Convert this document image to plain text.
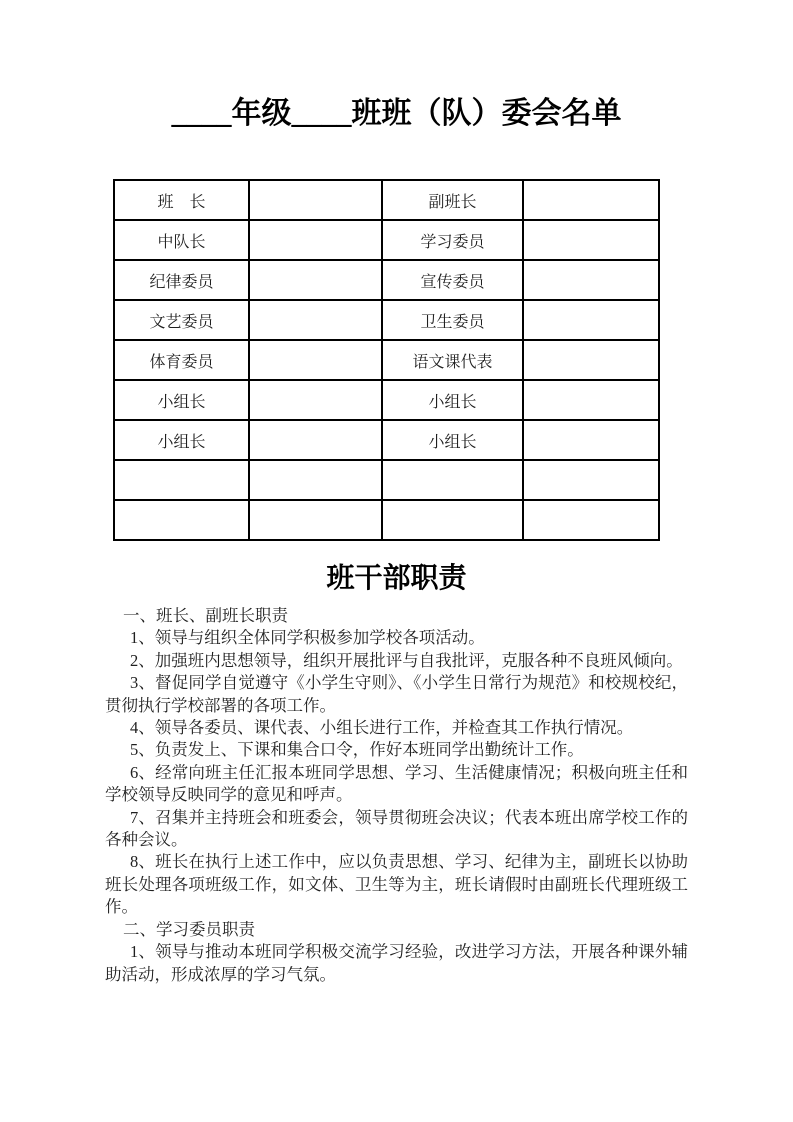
____年级____班班（队）委会名单
班　长		副班长	
中队长		学习委员	
纪律委员		宣传委员	
文艺委员		卫生委员	
体育委员		语文课代表	
小组长		小组长	
小组长		小组长	

班干部职责

一、班长、副班长职责

1、领导与组织全体同学积极参加学校各项活动。

2、加强班内思想领导，组织开展批评与自我批评，克服各种不良班风倾向。

3、督促同学自觉遵守《小学生守则》、《小学生日常行为规范》和校规校纪，贯彻执行学校部署的各项工作。

4、领导各委员、课代表、小组长进行工作，并检查其工作执行情况。

5、负责发上、下课和集合口令，作好本班同学出勤统计工作。

6、经常向班主任汇报本班同学思想、学习、生活健康情况；积极向班主任和学校领导反映同学的意见和呼声。

7、召集并主持班会和班委会，领导贯彻班会决议；代表本班出席学校工作的各种会议。

8、班长在执行上述工作中，应以负责思想、学习、纪律为主，副班长以协助班长处理各项班级工作，如文体、卫生等为主，班长请假时由副班长代理班级工作。

二、学习委员职责

1、领导与推动本班同学积极交流学习经验，改进学习方法，开展各种课外辅助活动，形成浓厚的学习气氛。
